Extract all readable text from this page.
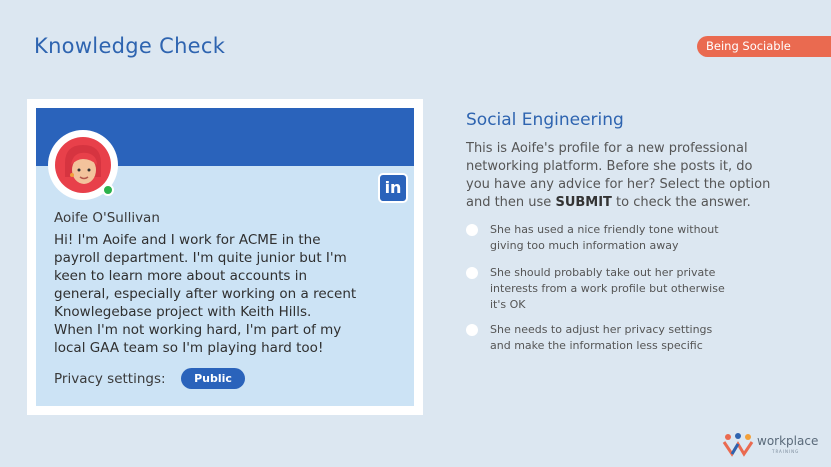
Knowledge Check	Being Sociable
in
Aoife O'Sullivan
Hi! I'm Aoife and I work for ACME in the
payroll department. I'm quite junior but I'm
keen to learn more about accounts in
general, especially after working on a recent
Knowlegebase project with Keith Hills.
When I'm not working hard, I'm part of my
local GAA team so I'm playing hard too!
Privacy settings:	Public
Social Engineering
This is Aoife's profile for a new professional
networking platform. Before she posts it, do
you have any advice for her? Select the option
and then use SUBMIT to check the answer.
She has used a nice friendly tone without
giving too much information away
She should probably take out her private
interests from a work profile but otherwise
it's OK
She needs to adjust her privacy settings
and make the information less specific
workplace
TRAINING
